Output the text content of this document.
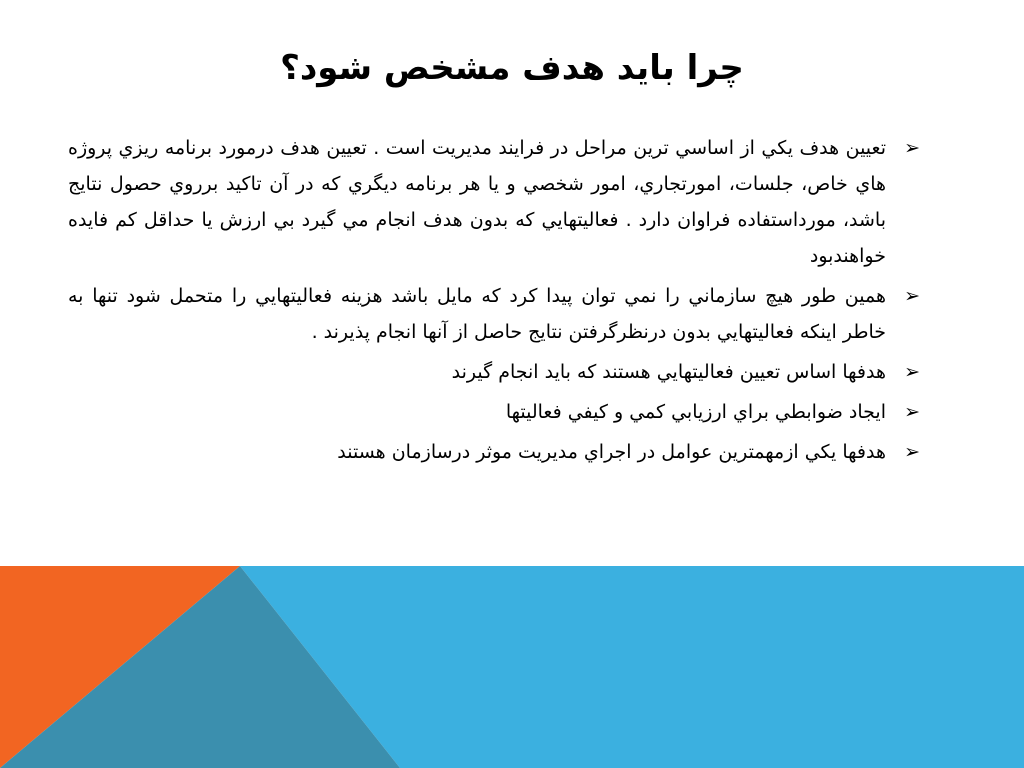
چرا بايد هدف مشخص شود؟
➢
تعيين هدف يكي از اساسي ترين مراحل در فرايند مديريت است . تعيين هدف درمورد برنامه ريزي پروژه هاي خاص، جلسات، امورتجاري، امور شخصي و يا هر برنامه ديگري كه در آن تاكيد برروي حصول نتايج باشد، مورداستفاده فراوان دارد . فعاليتهايي كه بدون هدف انجام مي گيرد بي ارزش يا حداقل كم فايده خواهندبود
➢
همين طور هيچ سازماني را نمي توان پيدا كرد كه مايل باشد هزينه فعاليتهايي را متحمل شود تنها به خاطر اينكه فعاليتهايي بدون درنظرگرفتن نتايج حاصل از آنها انجام پذيرند .
➢
هدفها اساس تعيين فعاليتهايي هستند كه بايد انجام گيرند
➢
ايجاد ضوابطي براي ارزيابي كمي و كيفي فعاليتها
➢
هدفها يكي ازمهمترين عوامل در اجراي مديريت موثر درسازمان هستند
